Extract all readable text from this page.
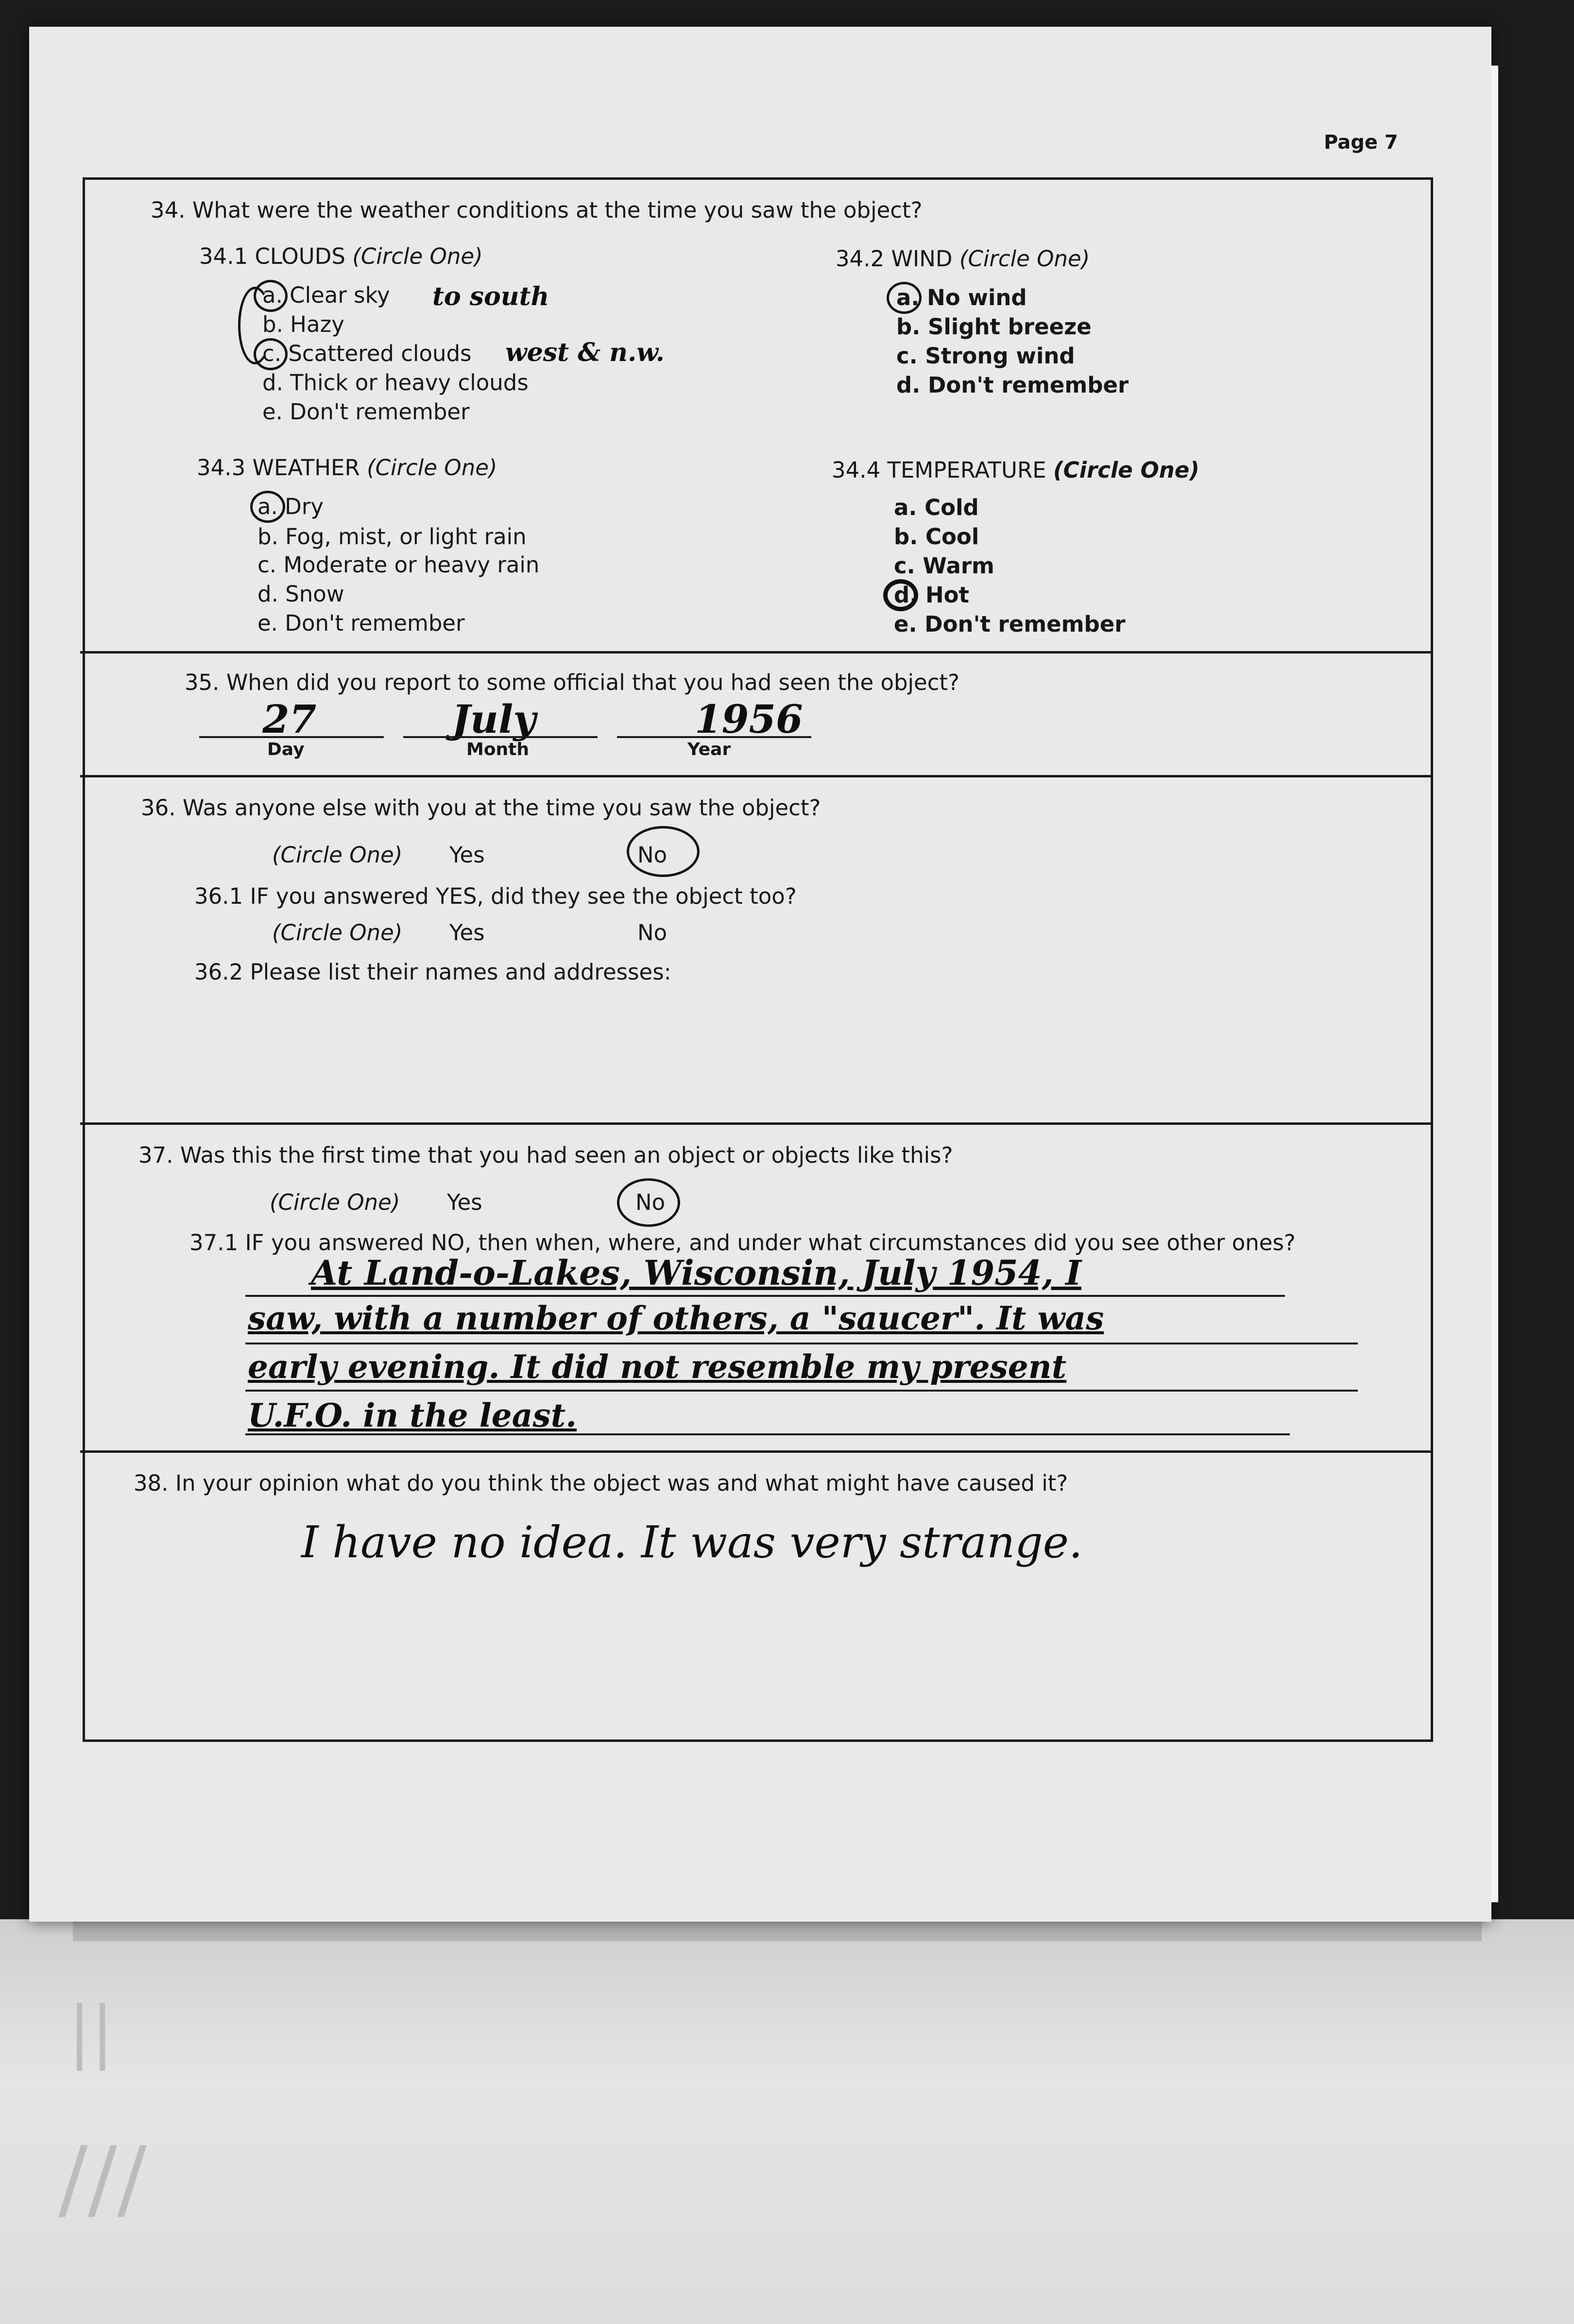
||
///
Page 7
34. What were the weather conditions at the time you saw the object?
34.1 CLOUDS (Circle One)
a. Clear sky
b. Hazy
c. Scattered clouds
d. Thick or heavy clouds
e. Don't remember
to south
west & n.w.
34.2 WIND (Circle One)
a. No wind
b. Slight breeze
c. Strong wind
d. Don't remember
34.3 WEATHER (Circle One)
a. Dry
b. Fog, mist, or light rain
c. Moderate or heavy rain
d. Snow
e. Don't remember
34.4 TEMPERATURE (Circle One)
a. Cold
b. Cool
c. Warm
d. Hot
e. Don't remember
35. When did you report to some official that you had seen the object?
27	July	1956
Day	Month	Year
36. Was anyone else with you at the time you saw the object?
(Circle One) Yes	No
36.1 IF you answered YES, did they see the object too?
(Circle One) Yes	No
36.2 Please list their names and addresses:
37. Was this the first time that you had seen an object or objects like this?
(Circle One) Yes	No
37.1 IF you answered NO, then when, where, and under what circumstances did you see other ones?
At Land-o-Lakes, Wisconsin, July 1954, I
saw, with a number of others, a "saucer". It was
early evening. It did not resemble my present
U.F.O. in the least.
38. In your opinion what do you think the object was and what might have caused it?
I have no idea. It was very strange.
